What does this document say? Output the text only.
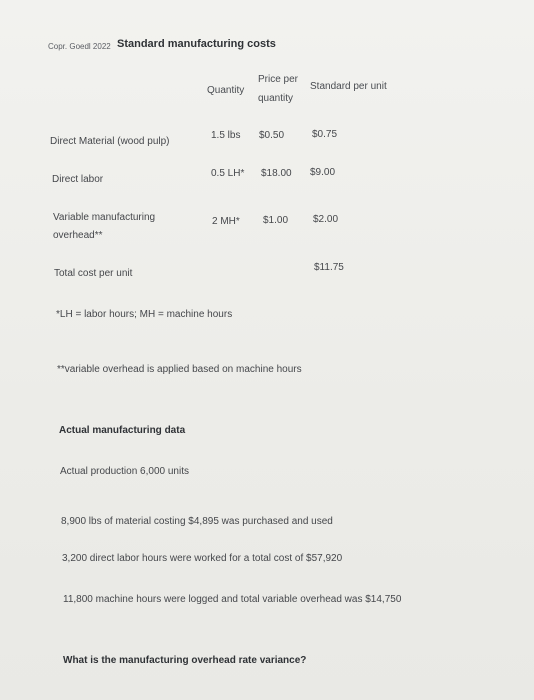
Copr. Goedl 2022 Standard manufacturing costs
Quantity
Price per
quantity
Standard per unit
Direct Material (wood pulp)
1.5 lbs $0.50	$0.75
Direct labor
0.5 LH* $18.00 $9.00
Variable manufacturing overhead**
2 MH* $1.00 $2.00
Total cost per unit
$11.75
*LH = labor hours; MH = machine hours
**variable overhead is applied based on machine hours
Actual manufacturing data
Actual production 6,000 units
8,900 lbs of material costing $4,895 was purchased and used
3,200 direct labor hours were worked for a total cost of $57,920
11,800 machine hours were logged and total variable overhead was $14,750
What is the manufacturing overhead rate variance?
